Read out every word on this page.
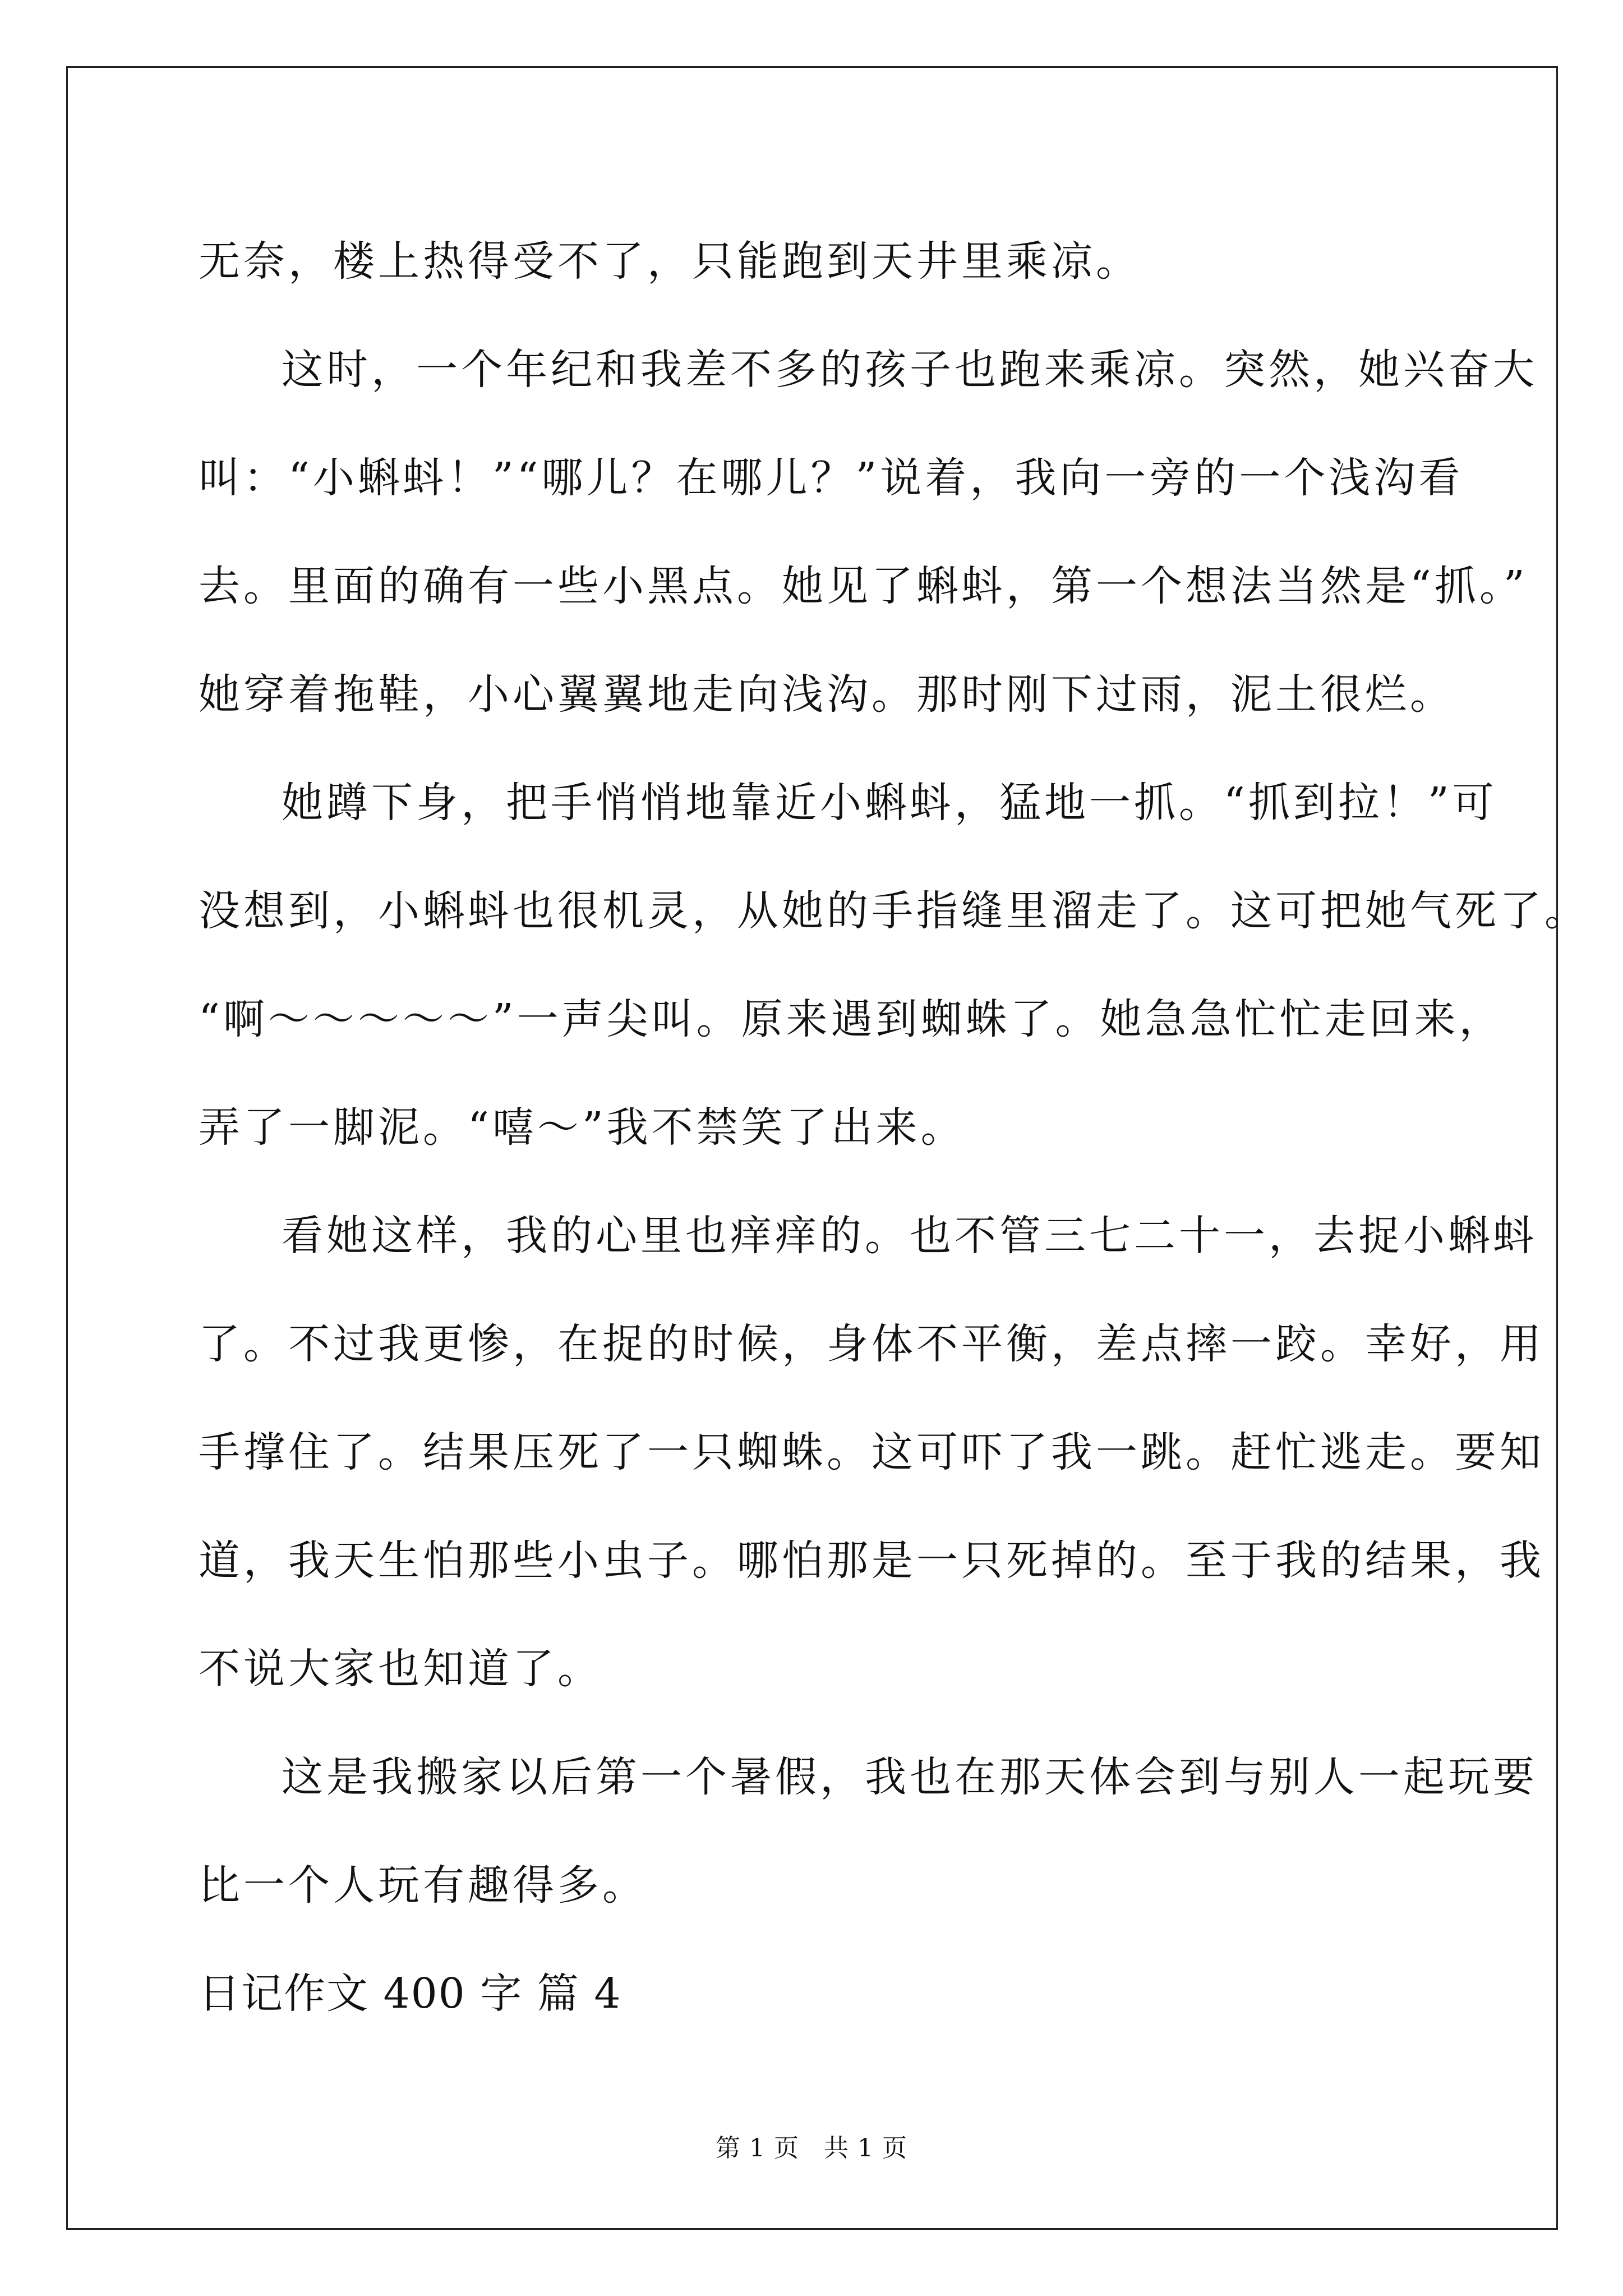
无奈，楼上热得受不了，只能跑到天井里乘凉。

这时，一个年纪和我差不多的孩子也跑来乘凉。突然，她兴奋大

叫：“小蝌蚪！”“哪儿？在哪儿？”说着，我向一旁的一个浅沟看

去。里面的确有一些小黑点。她见了蝌蚪，第一个想法当然是“抓。”

她穿着拖鞋，小心翼翼地走向浅沟。那时刚下过雨，泥土很烂。

她蹲下身，把手悄悄地靠近小蝌蚪，猛地一抓。“抓到拉！”可

没想到，小蝌蚪也很机灵，从她的手指缝里溜走了。这可把她气死了。

“啊～～～～～”一声尖叫。原来遇到蜘蛛了。她急急忙忙走回来，

弄了一脚泥。“嘻～”我不禁笑了出来。

看她这样，我的心里也痒痒的。也不管三七二十一，去捉小蝌蚪

了。不过我更惨，在捉的时候，身体不平衡，差点摔一跤。幸好，用

手撑住了。结果压死了一只蜘蛛。这可吓了我一跳。赶忙逃走。要知

道，我天生怕那些小虫子。哪怕那是一只死掉的。至于我的结果，我

不说大家也知道了。

这是我搬家以后第一个暑假，我也在那天体会到与别人一起玩要

比一个人玩有趣得多。

日记作文 400 字 篇 4

第 1 页 共 1 页
